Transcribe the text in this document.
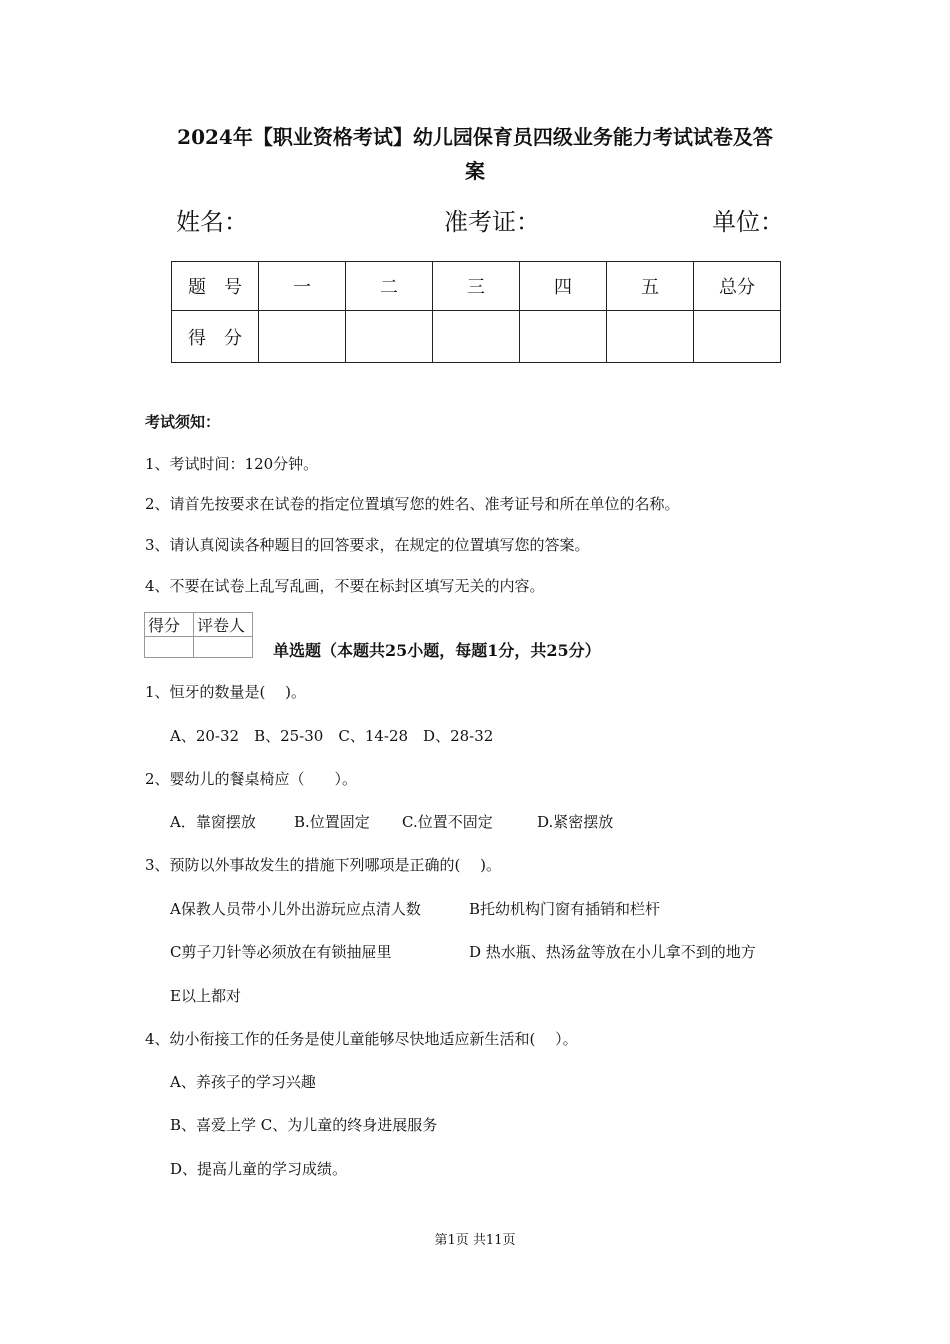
2024年【职业资格考试】幼儿园保育员四级业务能力考试试卷及答
案
姓名：	准考证：	单位：
题　号	一	二	三	四	五	总分
得　分						
考试须知：
1、考试时间：120分钟。
2、请首先按要求在试卷的指定位置填写您的姓名、准考证号和所在单位的名称。
3、请认真阅读各种题目的回答要求，在规定的位置填写您的答案。
4、不要在试卷上乱写乱画，不要在标封区填写无关的内容。
得分	评卷人

单选题（本题共25小题，每题1分，共25分）
1、恒牙的数量是(　 )。
A、20-32　B、25-30　C、14-28　D、28-32
2、婴幼儿的餐桌椅应（　　）。
A．靠窗摆放	B.位置固定 C.位置不固定	D.紧密摆放
3、预防以外事故发生的措施下列哪项是正确的(　 )。
A保教人员带小儿外出游玩应点清人数	B托幼机构门窗有插销和栏杆
C剪子刀针等必须放在有锁抽屉里	D 热水瓶、热汤盆等放在小儿拿不到的地方
E以上都对
4、幼小衔接工作的任务是使儿童能够尽快地适应新生活和(　 ）。
A、养孩子的学习兴趣
B、喜爱上学 C、为儿童的终身进展服务
D、提高儿童的学习成绩。
第1页 共11页
